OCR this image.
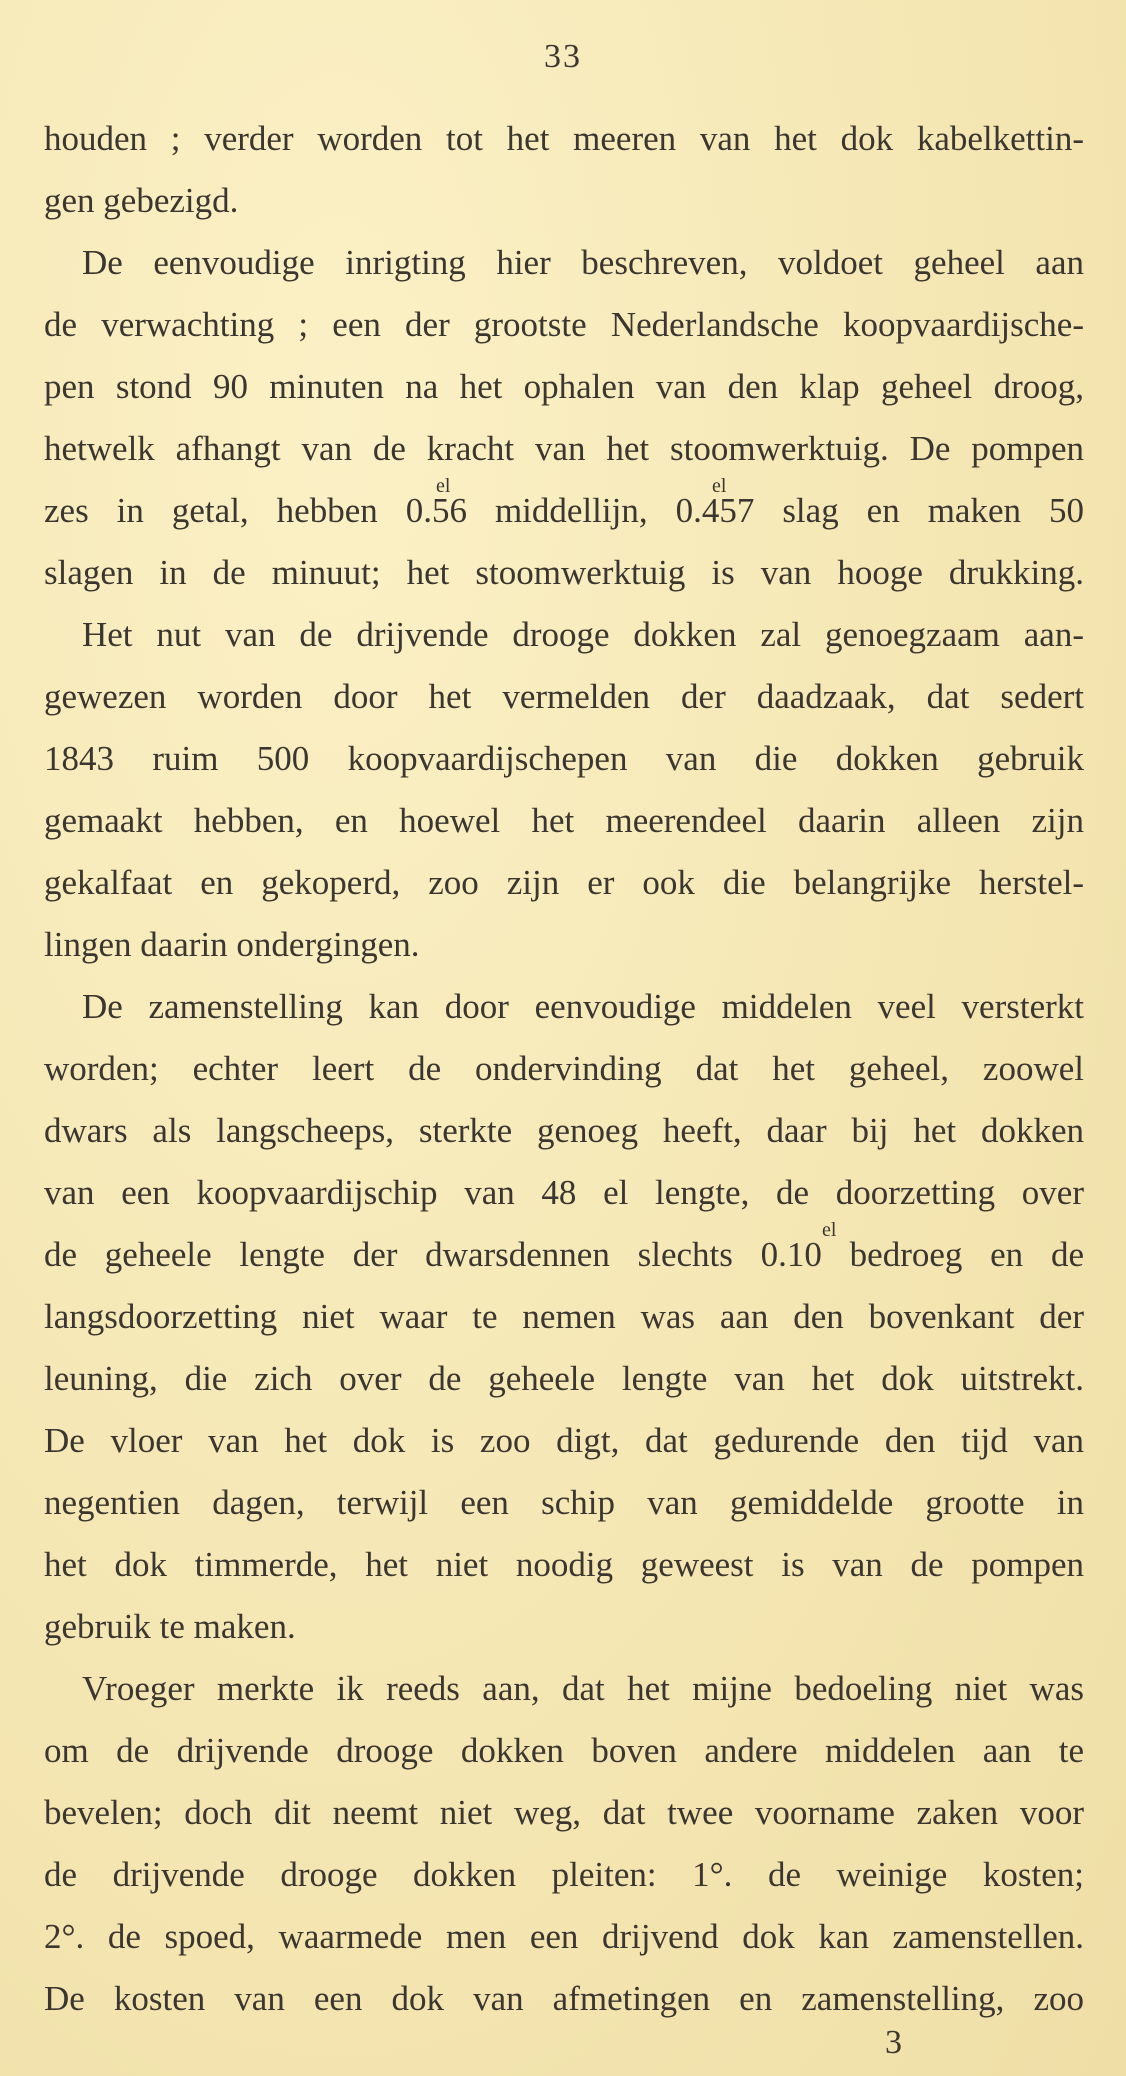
33
houden ; verder worden tot het meeren van het dok kabelkettin-
gen gebezigd.
De eenvoudige inrigting hier beschreven, voldoet geheel aan
de verwachting ; een der grootste Nederlandsche koopvaardijsche-
pen stond 90 minuten na het ophalen van den klap geheel droog,
hetwelk afhangt van de kracht van het stoomwerktuig. De pompen
zes in getal, hebben 0.56 middellijn, 0.457 slag en maken 50
el	el
slagen in de minuut; het stoomwerktuig is van hooge drukking.
Het nut van de drijvende drooge dokken zal genoegzaam aan-
gewezen worden door het vermelden der daadzaak, dat sedert
1843 ruim 500 koopvaardijschepen van die dokken gebruik
gemaakt hebben, en hoewel het meerendeel daarin alleen zijn
gekalfaat en gekoperd, zoo zijn er ook die belangrijke herstel-
lingen daarin ondergingen.
De zamenstelling kan door eenvoudige middelen veel versterkt
worden; echter leert de ondervinding dat het geheel, zoowel
dwars als langscheeps, sterkte genoeg heeft, daar bij het dokken
van een koopvaardijschip van 48 el lengte, de doorzetting over
de geheele lengte der dwarsdennen slechts 0.10 bedroeg en de
el
langsdoorzetting niet waar te nemen was aan den bovenkant der
leuning, die zich over de geheele lengte van het dok uitstrekt.
De vloer van het dok is zoo digt, dat gedurende den tijd van
negentien dagen, terwijl een schip van gemiddelde grootte in
het dok timmerde, het niet noodig geweest is van de pompen
gebruik te maken.
Vroeger merkte ik reeds aan, dat het mijne bedoeling niet was
om de drijvende drooge dokken boven andere middelen aan te
bevelen; doch dit neemt niet weg, dat twee voorname zaken voor
de drijvende drooge dokken pleiten: 1°. de weinige kosten;
2°. de spoed, waarmede men een drijvend dok kan zamenstellen.
De kosten van een dok van afmetingen en zamenstelling, zoo
3
